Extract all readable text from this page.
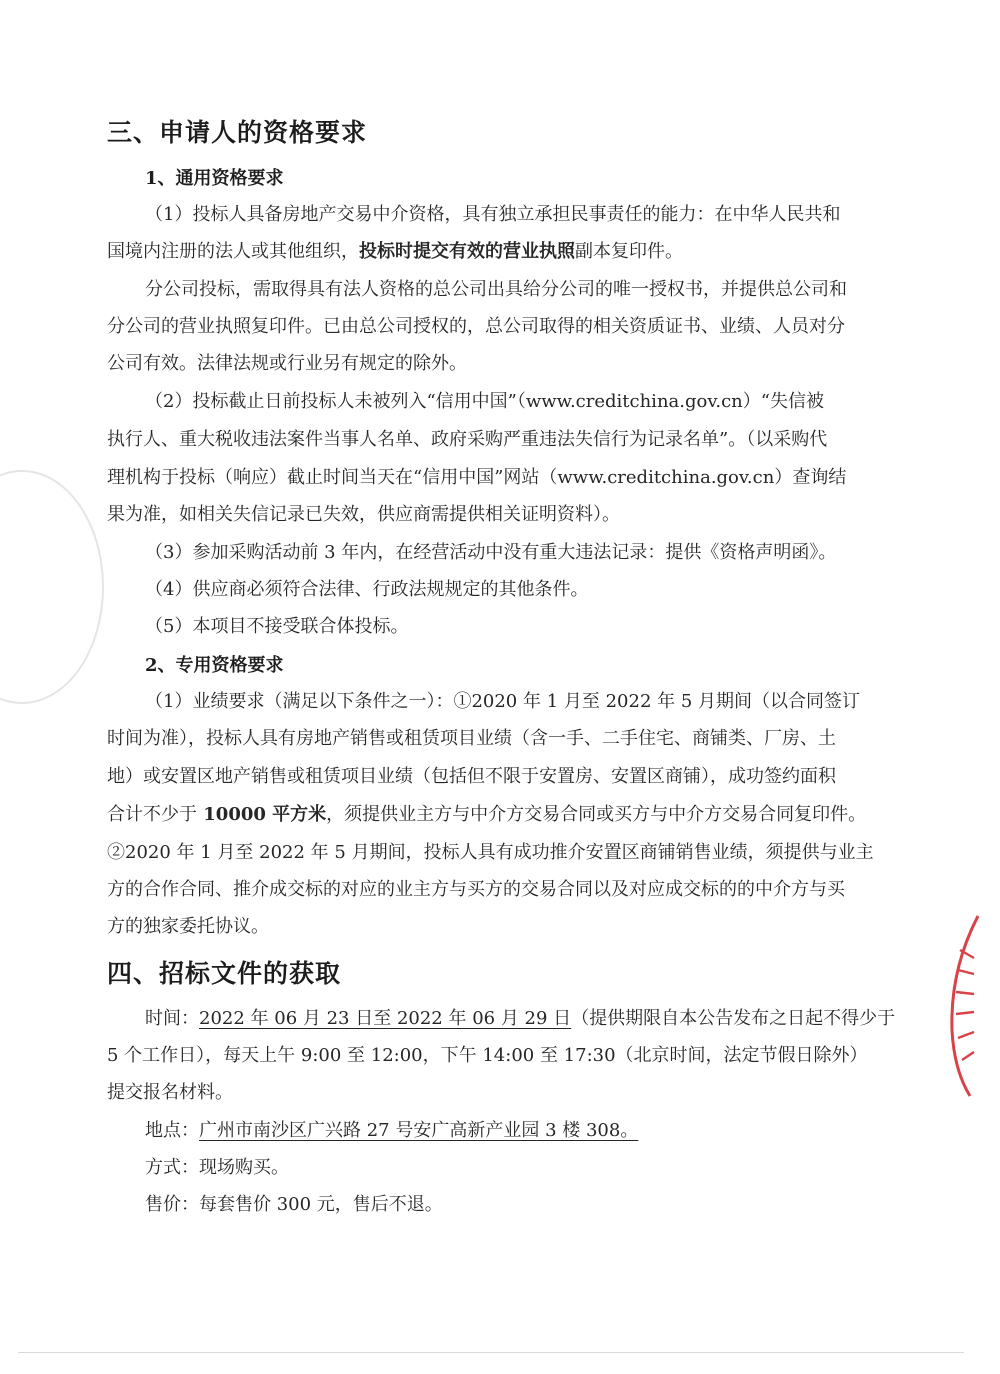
三、申请人的资格要求
1、通用资格要求
（1）投标人具备房地产交易中介资格，具有独立承担民事责任的能力：在中华人民共和
国境内注册的法人或其他组织，投标时提交有效的营业执照副本复印件。
分公司投标，需取得具有法人资格的总公司出具给分公司的唯一授权书，并提供总公司和
分公司的营业执照复印件。已由总公司授权的，总公司取得的相关资质证书、业绩、人员对分
公司有效。法律法规或行业另有规定的除外。
（2）投标截止日前投标人未被列入“信用中国”（www.creditchina.gov.cn）“失信被
执行人、重大税收违法案件当事人名单、政府采购严重违法失信行为记录名单”。（以采购代
理机构于投标（响应）截止时间当天在“信用中国”网站（www.creditchina.gov.cn）查询结
果为准，如相关失信记录已失效，供应商需提供相关证明资料）。
（3）参加采购活动前 3 年内，在经营活动中没有重大违法记录：提供《资格声明函》。
（4）供应商必须符合法律、行政法规规定的其他条件。
（5）本项目不接受联合体投标。
2、专用资格要求
（1）业绩要求（满足以下条件之一）：①2020 年 1 月至 2022 年 5 月期间（以合同签订
时间为准），投标人具有房地产销售或租赁项目业绩（含一手、二手住宅、商铺类、厂房、土
地）或安置区地产销售或租赁项目业绩（包括但不限于安置房、安置区商铺），成功签约面积
合计不少于 10000 平方米，须提供业主方与中介方交易合同或买方与中介方交易合同复印件。
②2020 年 1 月至 2022 年 5 月期间，投标人具有成功推介安置区商铺销售业绩，须提供与业主
方的合作合同、推介成交标的对应的业主方与买方的交易合同以及对应成交标的的中介方与买
方的独家委托协议。
四、招标文件的获取
时间：2022 年 06 月 23 日至 2022 年 06 月 29 日（提供期限自本公告发布之日起不得少于
5 个工作日），每天上午 9:00 至 12:00，下午 14:00 至 17:30（北京时间，法定节假日除外）
提交报名材料。
地点：广州市南沙区广兴路 27 号安广高新产业园 3 楼 308。
方式：现场购买。
售价：每套售价 300 元，售后不退。
